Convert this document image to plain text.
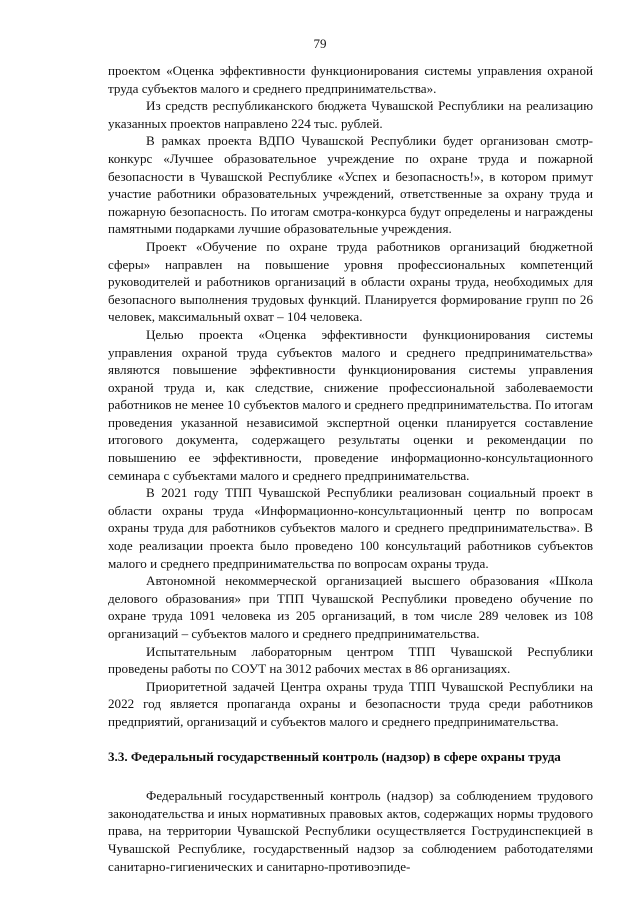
79

проектом «Оценка эффективности функционирования системы управления охраной труда субъектов малого и среднего предпринимательства».

Из средств республиканского бюджета Чувашской Республики на реализацию указанных проектов направлено 224 тыс. рублей.

В рамках проекта ВДПО Чувашской Республики будет организован смотр-конкурс «Лучшее образовательное учреждение по охране труда и пожарной безопасности в Чувашской Республике «Успех и безопасность!», в котором примут участие работники образовательных учреждений, ответственные за охрану труда и пожарную безопасность. По итогам смотра-конкурса будут определены и награждены памятными подарками лучшие образовательные учреждения.

Проект «Обучение по охране труда работников организаций бюджетной сферы» направлен на повышение уровня профессиональных компетенций руководителей и работников организаций в области охраны труда, необходимых для безопасного выполнения трудовых функций. Планируется формирование групп по 26 человек, максимальный охват – 104 человека.

Целью проекта «Оценка эффективности функционирования системы управления охраной труда субъектов малого и среднего предпринимательства» являются повышение эффективности функционирования системы управления охраной труда и, как следствие, снижение профессиональной заболеваемости работников не менее 10 субъектов малого и среднего предпринимательства. По итогам проведения указанной независимой экспертной оценки планируется составление итогового документа, содержащего результаты оценки и рекомендации по повышению ее эффективности, проведение информационно-консультационного семинара с субъектами малого и среднего предпринимательства.

В 2021 году ТПП Чувашской Республики реализован социальный проект в области охраны труда «Информационно-консультационный центр по вопросам охраны труда для работников субъектов малого и среднего предпринимательства». В ходе реализации проекта было проведено 100 консультаций работников субъектов малого и среднего предпринимательства по вопросам охраны труда.

Автономной некоммерческой организацией высшего образования «Школа делового образования» при ТПП Чувашской Республики проведено обучение по охране труда 1091 человека из 205 организаций, в том числе 289 человек из 108 организаций – субъектов малого и среднего предпринимательства.

Испытательным лабораторным центром ТПП Чувашской Республики проведены работы по СОУТ на 3012 рабочих местах в 86 организациях.

Приоритетной задачей Центра охраны труда ТПП Чувашской Республики на 2022 год является пропаганда охраны и безопасности труда среди работников предприятий, организаций и субъектов малого и среднего предпринимательства.

3.3. Федеральный государственный контроль (надзор) в сфере охраны труда

Федеральный государственный контроль (надзор) за соблюдением трудового законодательства и иных нормативных правовых актов, содержащих нормы трудового права, на территории Чувашской Республики осуществляется Гострудинспекцией в Чувашской Республике, государственный надзор за соблюдением работодателями санитарно-гигиенических и санитарно-противоэпиде-
